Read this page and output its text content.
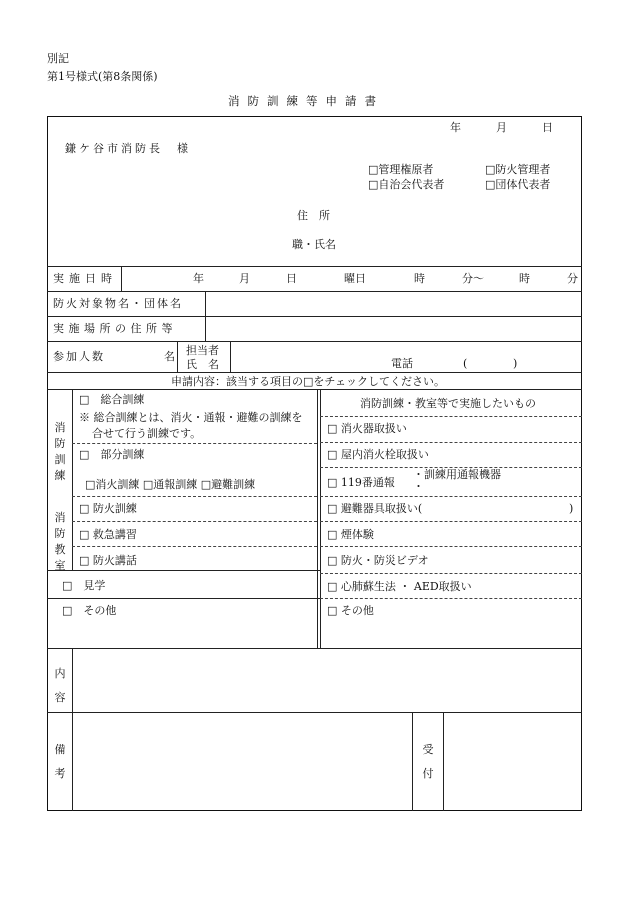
別記
第1号様式(第8条関係)
消防訓練等申請書
年	月	日
鎌ケ谷市消防長　様
□管理権原者	□防火管理者
□自治会代表者	□団体代表者
住　所
職・氏名
実施日時	年	月	日	曜日	時	分〜	時	分
防火対象物名・団体名
実施場所の住所等
参加人数	名 担当者
氏　名	電話	(	)
申請内容：該当する項目の□をチェックしてください。
消防訓練
□　総合訓練
※ 総合訓練とは、消火・通報・避難の訓練を
合せて行う訓練です。
□　部分訓練
□消火訓練 □通報訓練 □避難訓練
消防教室
□ 防火訓練
□ 救急講習
□ 防火講話
□　見学
□　その他
消防訓練・教室等で実施したいもの
□ 消火器取扱い
□ 屋内消火栓取扱い
□ 119番通報
・訓練用通報機器
・
□ 避難器具取扱い(	)
□ 煙体験
□ 防火・防災ビデオ
□ 心肺蘇生法 ・ AED取扱い
□ その他
内容
備考
受付
